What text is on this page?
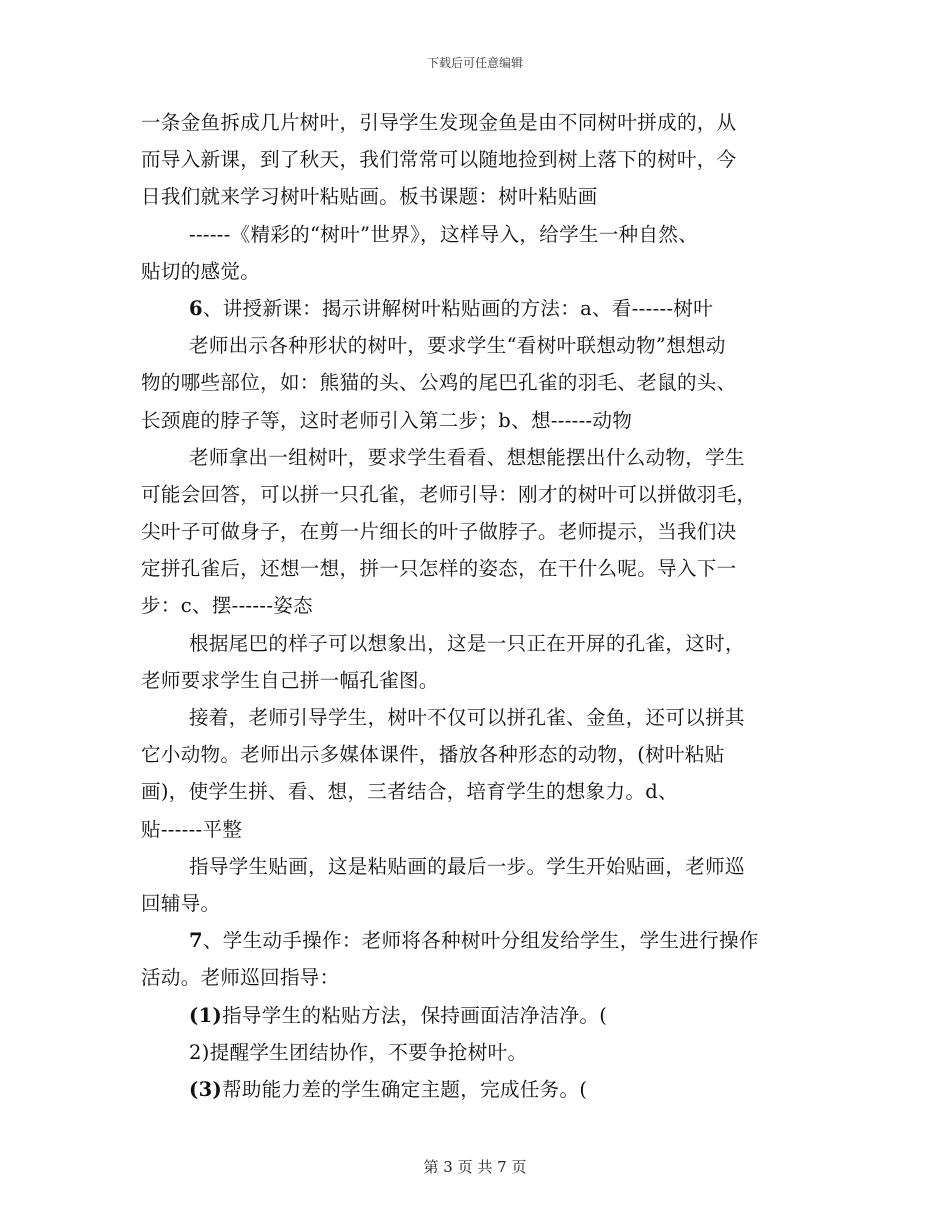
下载后可任意编辑
一条金鱼拆成几片树叶，引导学生发现金鱼是由不同树叶拼成的，从
而导入新课，到了秋天，我们常常可以随地捡到树上落下的树叶，今
日我们就来学习树叶粘贴画。板书课题：树叶粘贴画
------《精彩的“树叶”世界》，这样导入，给学生一种自然、
贴切的感觉。
6、讲授新课：揭示讲解树叶粘贴画的方法：a、看------树叶
老师出示各种形状的树叶，要求学生“看树叶联想动物”想想动
物的哪些部位，如：熊猫的头、公鸡的尾巴孔雀的羽毛、老鼠的头、
长颈鹿的脖子等，这时老师引入第二步；b、想------动物
老师拿出一组树叶，要求学生看看、想想能摆出什么动物，学生
可能会回答，可以拼一只孔雀，老师引导：刚才的树叶可以拼做羽毛，
尖叶子可做身子，在剪一片细长的叶子做脖子。老师提示，当我们决
定拼孔雀后，还想一想，拼一只怎样的姿态，在干什么呢。导入下一
步：c、摆------姿态
根据尾巴的样子可以想象出，这是一只正在开屏的孔雀，这时，
老师要求学生自己拼一幅孔雀图。
接着，老师引导学生，树叶不仅可以拼孔雀、金鱼，还可以拼其
它小动物。老师出示多媒体课件，播放各种形态的动物，(树叶粘贴
画)，使学生拼、看、想，三者结合，培育学生的想象力。d、
贴------平整
指导学生贴画，这是粘贴画的最后一步。学生开始贴画，老师巡
回辅导。
7、学生动手操作：老师将各种树叶分组发给学生，学生进行操作
活动。老师巡回指导：
(1)指导学生的粘贴方法，保持画面洁净洁净。(
2)提醒学生团结协作，不要争抢树叶。
(3)帮助能力差的学生确定主题，完成任务。(
第 3 页 共 7 页
